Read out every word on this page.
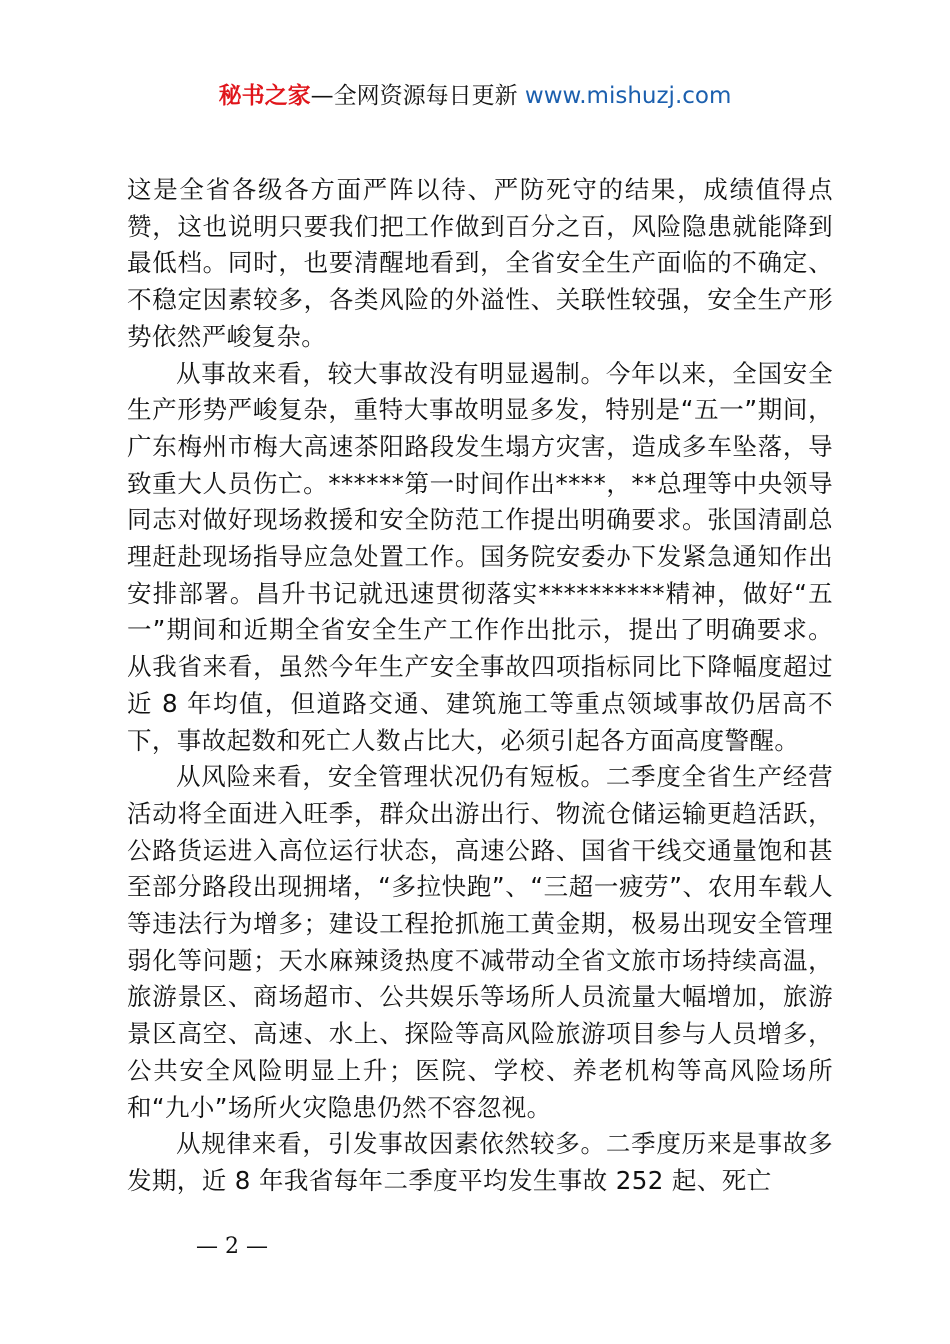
秘书之家—全网资源每日更新 www.mishuzj.com

这是全省各级各方面严阵以待、严防死守的结果，成绩值得点赞，这也说明只要我们把工作做到百分之百，风险隐患就能降到最低档。同时，也要清醒地看到，全省安全生产面临的不确定、不稳定因素较多，各类风险的外溢性、关联性较强，安全生产形势依然严峻复杂。

从事故来看，较大事故没有明显遏制。今年以来，全国安全生产形势严峻复杂，重特大事故明显多发，特别是“五一”期间，广东梅州市梅大高速茶阳路段发生塌方灾害，造成多车坠落，导致重大人员伤亡。******第一时间作出****，**总理等中央领导同志对做好现场救援和安全防范工作提出明确要求。张国清副总理赶赴现场指导应急处置工作。国务院安委办下发紧急通知作出安排部署。昌升书记就迅速贯彻落实**********精神，做好“五一”期间和近期全省安全生产工作作出批示，提出了明确要求。从我省来看，虽然今年生产安全事故四项指标同比下降幅度超过近 8 年均值，但道路交通、建筑施工等重点领域事故仍居高不下，事故起数和死亡人数占比大，必须引起各方面高度警醒。

从风险来看，安全管理状况仍有短板。二季度全省生产经营活动将全面进入旺季，群众出游出行、物流仓储运输更趋活跃，公路货运进入高位运行状态，高速公路、国省干线交通量饱和甚至部分路段出现拥堵，“多拉快跑”、“三超一疲劳”、农用车载人等违法行为增多；建设工程抢抓施工黄金期，极易出现安全管理弱化等问题；天水麻辣烫热度不减带动全省文旅市场持续高温，旅游景区、商场超市、公共娱乐等场所人员流量大幅增加，旅游景区高空、高速、水上、探险等高风险旅游项目参与人员增多，公共安全风险明显上升；医院、学校、养老机构等高风险场所和“九小”场所火灾隐患仍然不容忽视。

从规律来看，引发事故因素依然较多。二季度历来是事故多发期，近 8 年我省每年二季度平均发生事故 252 起、死亡

— 2 —
